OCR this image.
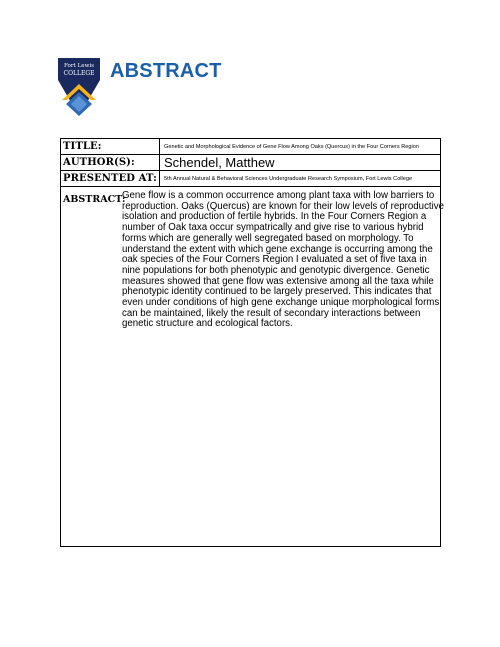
Fort Lewis
COLLEGE ABSTRACT
TITLE:	Genetic and Morphological Evidence of Gene Flow Among Oaks (Quercus) in the Four Corners Region
AUTHOR(S):	Schendel, Matthew
PRESENTED AT:	5th Annual Natural & Behavioral Sciences Undergraduate Research Symposium, Fort Lewis College
ABSTRACT:
Gene flow is a common occurrence among plant taxa with low barriers to reproduction. Oaks (Quercus) are known for their low levels of reproductive isolation and production of fertile hybrids. In the Four Corners Region a number of Oak taxa occur sympatrically and give rise to various hybrid forms which are generally well segregated based on morphology. To understand the extent with which gene exchange is occurring among the oak species of the Four Corners Region I evaluated a set of five taxa in nine populations for both phenotypic and genotypic divergence. Genetic measures showed that gene flow was extensive among all the taxa while phenotypic identity continued to be largely preserved. This indicates that even under conditions of high gene exchange unique morphological forms can be maintained, likely the result of secondary interactions between genetic structure and ecological factors.
